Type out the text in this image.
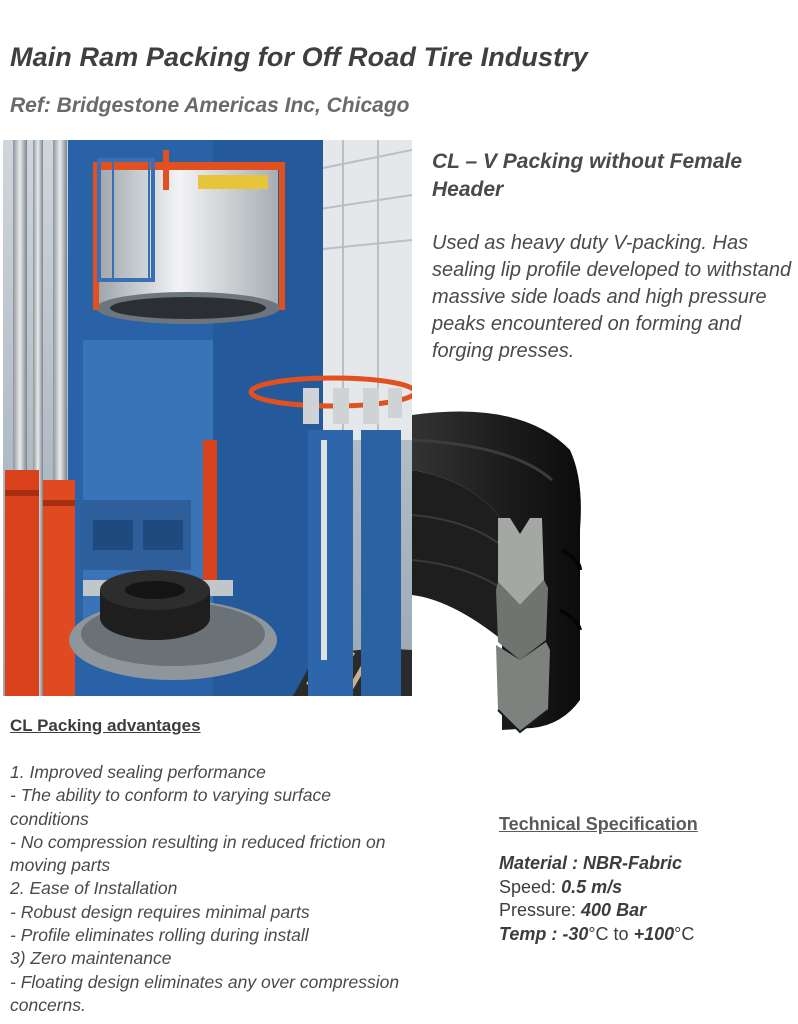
Main Ram Packing for Off Road Tire Industry
Ref: Bridgestone Americas Inc, Chicago
CL – V Packing without Female Header
Used as heavy duty V-packing. Has sealing lip profile developed to withstand massive side loads and high pressure peaks encountered on forming and forging presses.
CL Packing advantages
1. Improved sealing performance
- The ability to conform to varying surface conditions
- No compression resulting in reduced friction on moving parts
2. Ease of Installation
- Robust design requires minimal parts
- Profile eliminates rolling during install
3) Zero maintenance
- Floating design eliminates any over compression concerns.
Technical Specification
Material : NBR-Fabric
Speed: 0.5 m/s
Pressure: 400 Bar
Temp : -30°C to +100°C
